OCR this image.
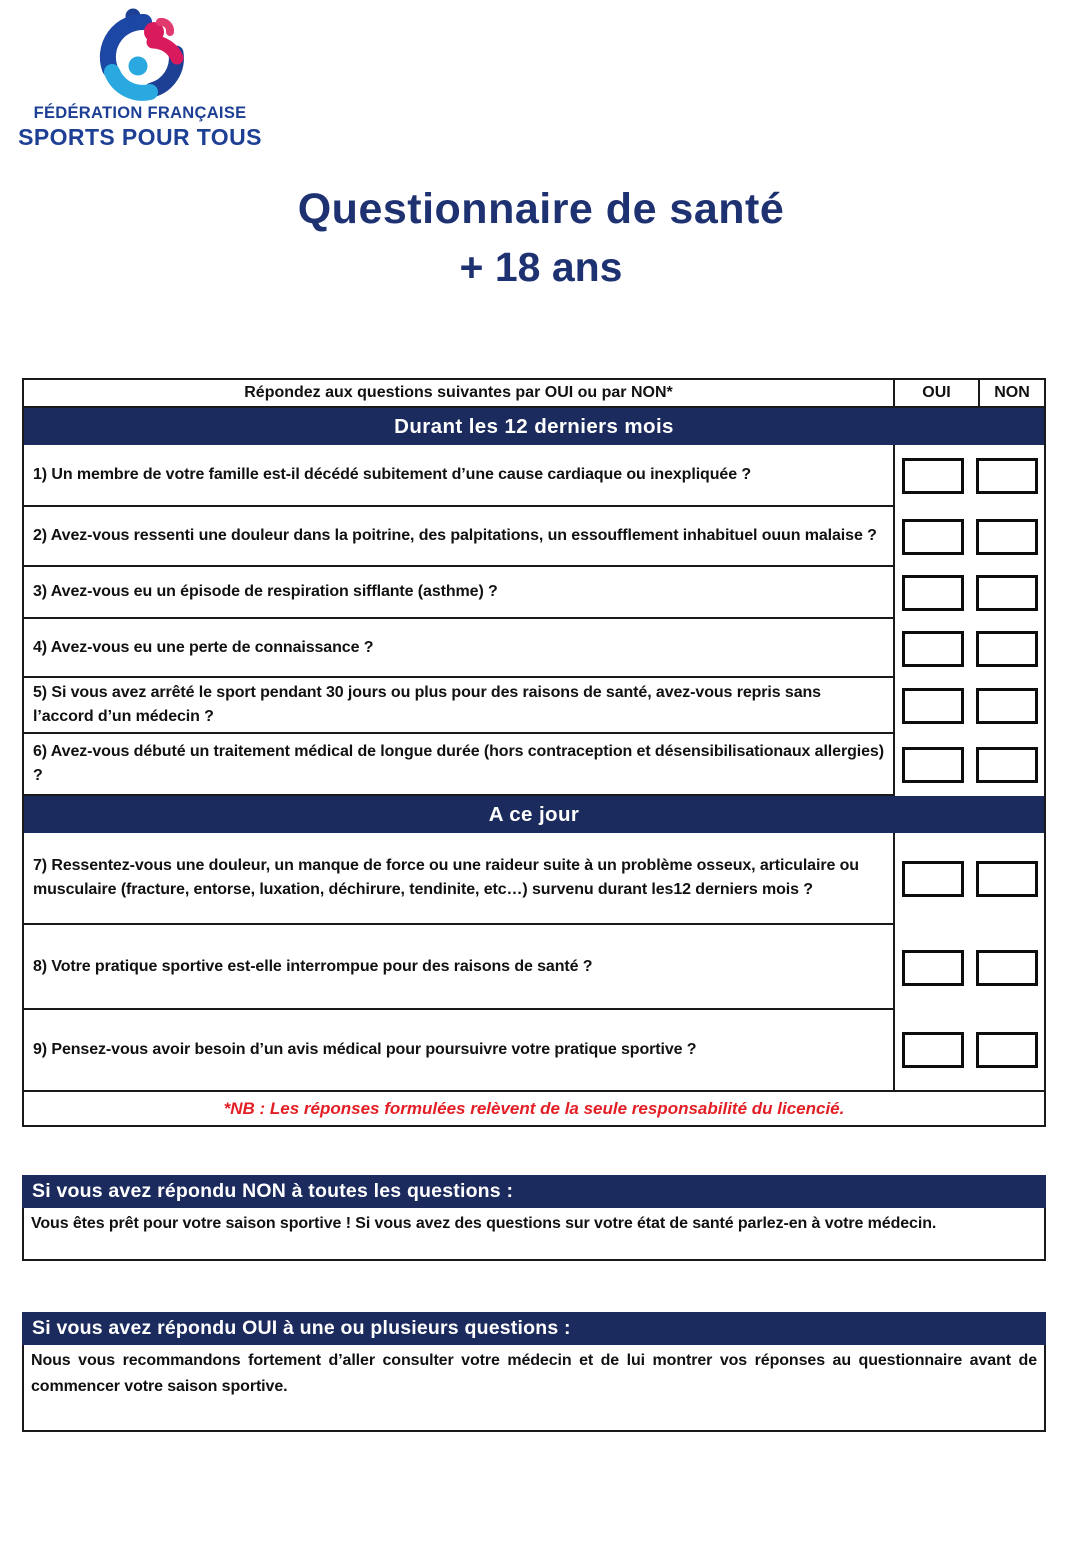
FÉDÉRATION FRANÇAISE
SPORTS POUR TOUS
Questionnaire de santé
+ 18 ans
Répondez aux questions suivantes par OUI ou par NON*	OUI	NON
Durant les 12 derniers mois
1) Un membre de votre famille est-il décédé subitement d’une cause cardiaque ou inexpliquée ?
2) Avez-vous ressenti une douleur dans la poitrine, des palpitations, un essoufflement inhabituel ouun malaise ?
3) Avez-vous eu un épisode de respiration sifflante (asthme) ?
4) Avez-vous eu une perte de connaissance ?
5) Si vous avez arrêté le sport pendant 30 jours ou plus pour des raisons de santé, avez-vous repris sans l’accord d’un médecin ?
6) Avez-vous débuté un traitement médical de longue durée (hors contraception et désensibilisationaux allergies) ?
A ce jour
7) Ressentez-vous une douleur, un manque de force ou une raideur suite à un problème osseux, articulaire ou musculaire (fracture, entorse, luxation, déchirure, tendinite, etc…) survenu durant les12 derniers mois ?
8) Votre pratique sportive est-elle interrompue pour des raisons de santé ?
9) Pensez-vous avoir besoin d’un avis médical pour poursuivre votre pratique sportive ?
*NB : Les réponses formulées relèvent de la seule responsabilité du licencié.
Si vous avez répondu NON à toutes les questions :
Vous êtes prêt pour votre saison sportive ! Si vous avez des questions sur votre état de santé parlez-en à votre médecin.
Si vous avez répondu OUI à une ou plusieurs questions :
Nous vous recommandons fortement d’aller consulter votre médecin et de lui montrer vos réponses au questionnaire avant de commencer votre saison sportive.
